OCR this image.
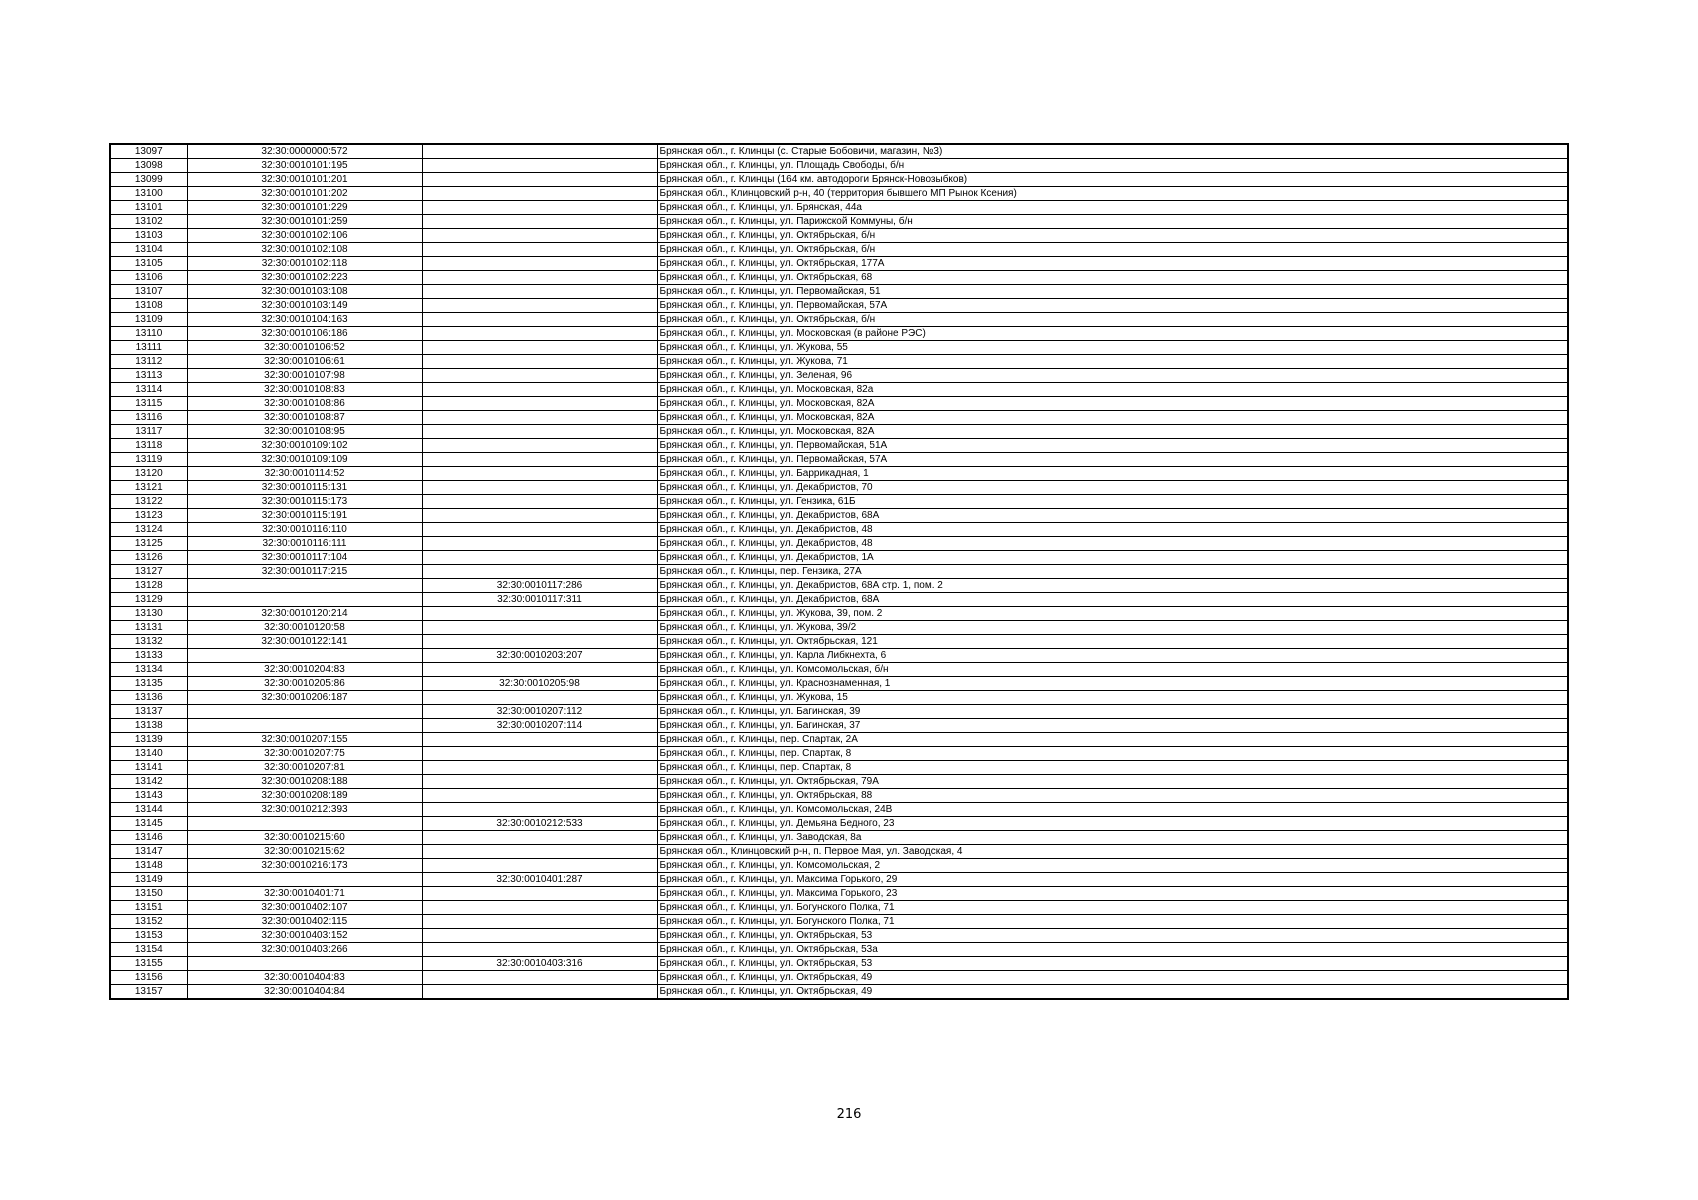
13097	32:30:0000000:572		Брянская обл., г. Клинцы (с. Старые Бобовичи, магазин, №3)
13098	32:30:0010101:195		Брянская обл., г. Клинцы, ул. Площадь Свободы, б/н
13099	32:30:0010101:201		Брянская обл., г. Клинцы (164 км. автодороги Брянск-Новозыбков)
13100	32:30:0010101:202		Брянская обл., Клинцовский р-н, 40 (территория бывшего МП Рынок Ксения)
13101	32:30:0010101:229		Брянская обл., г. Клинцы, ул. Брянская, 44а
13102	32:30:0010101:259		Брянская обл., г. Клинцы, ул. Парижской Коммуны, б/н
13103	32:30:0010102:106		Брянская обл., г. Клинцы, ул. Октябрьская, б/н
13104	32:30:0010102:108		Брянская обл., г. Клинцы, ул. Октябрьская, б/н
13105	32:30:0010102:118		Брянская обл., г. Клинцы, ул. Октябрьская, 177А
13106	32:30:0010102:223		Брянская обл., г. Клинцы, ул. Октябрьская, 68
13107	32:30:0010103:108		Брянская обл., г. Клинцы, ул. Первомайская, 51
13108	32:30:0010103:149		Брянская обл., г. Клинцы, ул. Первомайская, 57А
13109	32:30:0010104:163		Брянская обл., г. Клинцы, ул. Октябрьская, б/н
13110	32:30:0010106:186		Брянская обл., г. Клинцы, ул. Московская (в районе РЭС)
13111	32:30:0010106:52		Брянская обл., г. Клинцы, ул. Жукова, 55
13112	32:30:0010106:61		Брянская обл., г. Клинцы, ул. Жукова, 71
13113	32:30:0010107:98		Брянская обл., г. Клинцы, ул. Зеленая, 96
13114	32:30:0010108:83		Брянская обл., г. Клинцы, ул. Московская, 82а
13115	32:30:0010108:86		Брянская обл., г. Клинцы, ул. Московская, 82А
13116	32:30:0010108:87		Брянская обл., г. Клинцы, ул. Московская, 82А
13117	32:30:0010108:95		Брянская обл., г. Клинцы, ул. Московская, 82А
13118	32:30:0010109:102		Брянская обл., г. Клинцы, ул. Первомайская, 51А
13119	32:30:0010109:109		Брянская обл., г. Клинцы, ул. Первомайская, 57А
13120	32:30:0010114:52		Брянская обл., г. Клинцы, ул. Баррикадная, 1
13121	32:30:0010115:131		Брянская обл., г. Клинцы, ул. Декабристов, 70
13122	32:30:0010115:173		Брянская обл., г. Клинцы, ул. Гензика, 61Б
13123	32:30:0010115:191		Брянская обл., г. Клинцы, ул. Декабристов, 68А
13124	32:30:0010116:110		Брянская обл., г. Клинцы, ул. Декабристов, 48
13125	32:30:0010116:111		Брянская обл., г. Клинцы, ул. Декабристов, 48
13126	32:30:0010117:104		Брянская обл., г. Клинцы, ул. Декабристов, 1А
13127	32:30:0010117:215		Брянская обл., г. Клинцы, пер. Гензика, 27А
13128		32:30:0010117:286	Брянская обл., г. Клинцы, ул. Декабристов, 68А стр. 1, пом. 2
13129		32:30:0010117:311	Брянская обл., г. Клинцы, ул. Декабристов, 68А
13130	32:30:0010120:214		Брянская обл., г. Клинцы, ул. Жукова, 39, пом. 2
13131	32:30:0010120:58		Брянская обл., г. Клинцы, ул. Жукова, 39/2
13132	32:30:0010122:141		Брянская обл., г. Клинцы, ул. Октябрьская, 121
13133		32:30:0010203:207	Брянская обл., г. Клинцы, ул. Карла Либкнехта, 6
13134	32:30:0010204:83		Брянская обл., г. Клинцы, ул. Комсомольская, б/н
13135	32:30:0010205:86	32:30:0010205:98	Брянская обл., г. Клинцы, ул. Краснознаменная, 1
13136	32:30:0010206:187		Брянская обл., г. Клинцы, ул. Жукова, 15
13137		32:30:0010207:112	Брянская обл., г. Клинцы, ул. Багинская, 39
13138		32:30:0010207:114	Брянская обл., г. Клинцы, ул. Багинская, 37
13139	32:30:0010207:155		Брянская обл., г. Клинцы, пер. Спартак, 2А
13140	32:30:0010207:75		Брянская обл., г. Клинцы, пер. Спартак, 8
13141	32:30:0010207:81		Брянская обл., г. Клинцы, пер. Спартак, 8
13142	32:30:0010208:188		Брянская обл., г. Клинцы, ул. Октябрьская, 79А
13143	32:30:0010208:189		Брянская обл., г. Клинцы, ул. Октябрьская, 88
13144	32:30:0010212:393		Брянская обл., г. Клинцы, ул. Комсомольская, 24В
13145		32:30:0010212:533	Брянская обл., г. Клинцы, ул. Демьяна Бедного, 23
13146	32:30:0010215:60		Брянская обл., г. Клинцы, ул. Заводская, 8а
13147	32:30:0010215:62		Брянская обл., Клинцовский р-н, п. Первое Мая, ул. Заводская, 4
13148	32:30:0010216:173		Брянская обл., г. Клинцы, ул. Комсомольская, 2
13149		32:30:0010401:287	Брянская обл., г. Клинцы, ул. Максима Горького, 29
13150	32:30:0010401:71		Брянская обл., г. Клинцы, ул. Максима Горького, 23
13151	32:30:0010402:107		Брянская обл., г. Клинцы, ул. Богунского Полка, 71
13152	32:30:0010402:115		Брянская обл., г. Клинцы, ул. Богунского Полка, 71
13153	32:30:0010403:152		Брянская обл., г. Клинцы, ул. Октябрьская, 53
13154	32:30:0010403:266		Брянская обл., г. Клинцы, ул. Октябрьская, 53а
13155		32:30:0010403:316	Брянская обл., г. Клинцы, ул. Октябрьская, 53
13156	32:30:0010404:83		Брянская обл., г. Клинцы, ул. Октябрьская, 49
13157	32:30:0010404:84		Брянская обл., г. Клинцы, ул. Октябрьская, 49
216
